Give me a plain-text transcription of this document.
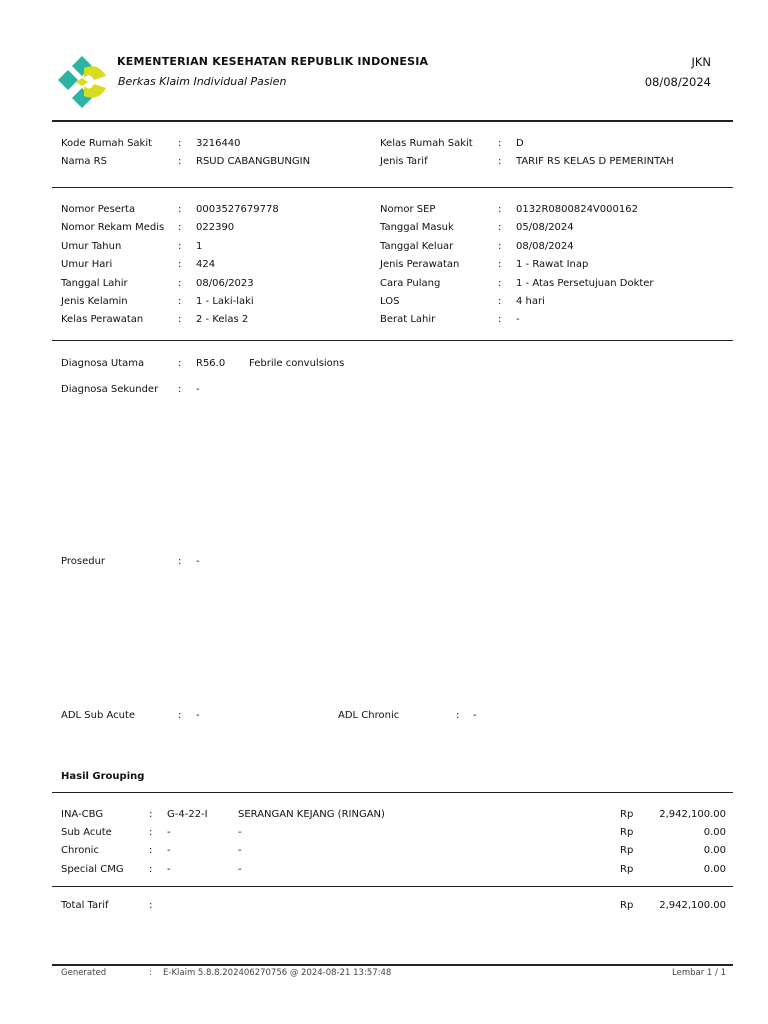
KEMENTERIAN KESEHATAN REPUBLIK INDONESIA
Berkas Klaim Individual Pasien
JKN
08/08/2024
Kode Rumah Sakit	: 3216440
Nama RS	: RSUD CABANGBUNGIN
Kelas Rumah Sakit	: D
Jenis Tarif	: TARIF RS KELAS D PEMERINTAH
Nomor Peserta	: 0003527679778
Nomor Rekam Medis : 022390
Umur Tahun	: 1
Umur Hari	: 424
Tanggal Lahir	: 08/06/2023
Jenis Kelamin	: 1 - Laki-laki
Kelas Perawatan	: 2 - Kelas 2
Nomor SEP	: 0132R0800824V000162
Tanggal Masuk	: 05/08/2024
Tanggal Keluar	: 08/08/2024
Jenis Perawatan	: 1 - Rawat Inap
Cara Pulang	: 1 - Atas Persetujuan Dokter
LOS	: 4 hari
Berat Lahir	: -
Diagnosa Utama	: R56.0 Febrile convulsions
Diagnosa Sekunder : -
Prosedur	: -
ADL Sub Acute	: -	ADL Chronic	: -
Hasil Grouping
INA-CBG	: G-4-22-I	SERANGAN KEJANG (RINGAN)	Rp	2,942,100.00
Sub Acute	: -	-	Rp	0.00
Chronic	: -	-	Rp	0.00
Special CMG	: -	-	Rp	0.00
Total Tarif	:	Rp	2,942,100.00
Generated	: E-Klaim 5.8.8.202406270756 @ 2024-08-21 13:57:48	Lembar 1 / 1
